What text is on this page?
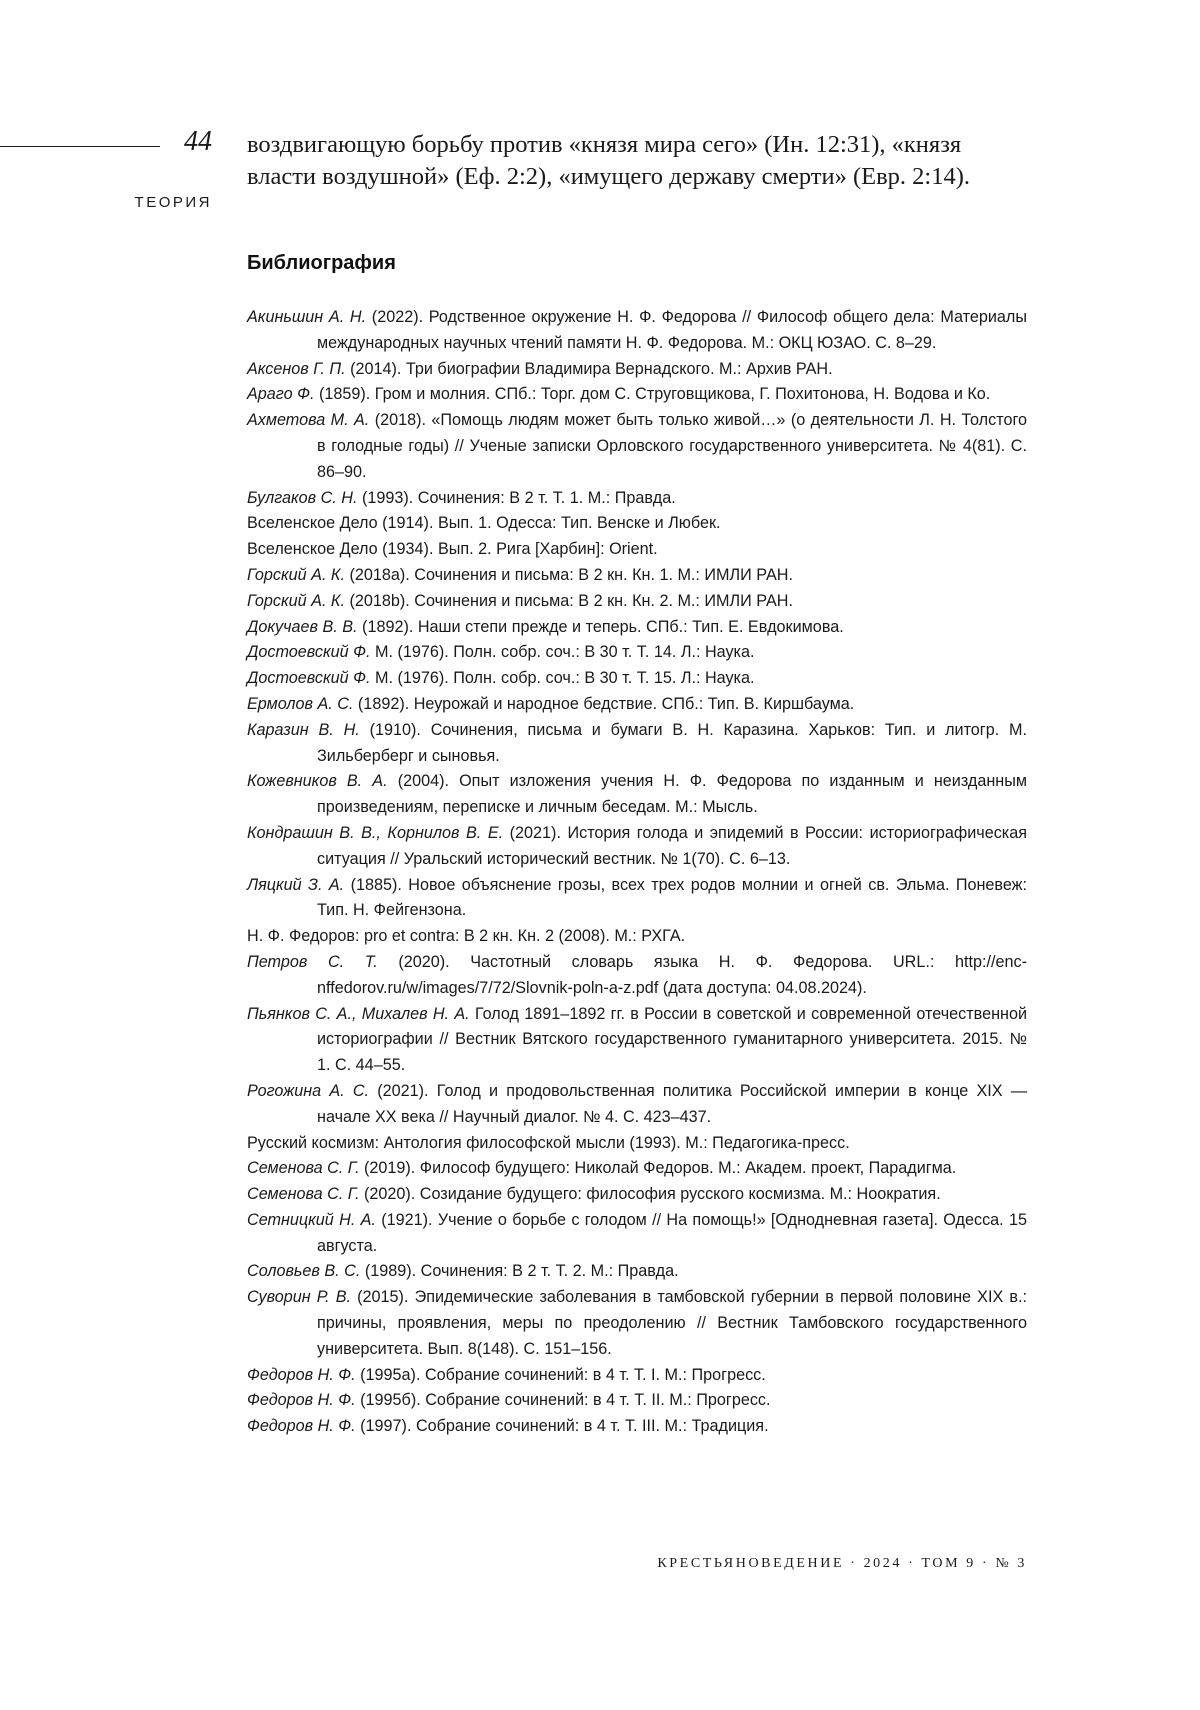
44
ТЕОРИЯ
воздвигающую борьбу против «князя мира сего» (Ин. 12:31), «князя
власти воздушной» (Еф. 2:2), «имущего державу смерти» (Евр. 2:14).
Библиография
Акиньшин А. Н. (2022). Родственное окружение Н. Ф. Федорова // Философ общего дела: Материалы международных научных чтений памяти Н. Ф. Федорова. М.: ОКЦ ЮЗАО. С. 8–29.
Аксенов Г. П. (2014). Три биографии Владимира Вернадского. М.: Архив РАН.
Араго Ф. (1859). Гром и молния. СПб.: Торг. дом С. Струговщикова, Г. Похитонова, Н. Водова и Ко.
Ахметова М. А. (2018). «Помощь людям может быть только живой…» (о деятельности Л. Н. Толстого в голодные годы) // Ученые записки Орловского государственного университета. № 4(81). С. 86–90.
Булгаков С. Н. (1993). Сочинения: В 2 т. Т. 1. М.: Правда.
Вселенское Дело (1914). Вып. 1. Одесса: Тип. Венске и Любек.
Вселенское Дело (1934). Вып. 2. Рига [Харбин]: Orient.
Горский А. К. (2018a). Сочинения и письма: В 2 кн. Кн. 1. М.: ИМЛИ РАН.
Горский А. К. (2018b). Сочинения и письма: В 2 кн. Кн. 2. М.: ИМЛИ РАН.
Докучаев В. В. (1892). Наши степи прежде и теперь. СПб.: Тип. Е. Евдокимова.
Достоевский Ф. М. (1976). Полн. собр. соч.: В 30 т. Т. 14. Л.: Наука.
Достоевский Ф. М. (1976). Полн. собр. соч.: В 30 т. Т. 15. Л.: Наука.
Ермолов А. С. (1892). Неурожай и народное бедствие. СПб.: Тип. В. Киршбаума.
Каразин В. Н. (1910). Сочинения, письма и бумаги В. Н. Каразина. Харьков: Тип. и литогр. М. Зильберберг и сыновья.
Кожевников В. А. (2004). Опыт изложения учения Н. Ф. Федорова по изданным и неизданным произведениям, переписке и личным беседам. М.: Мысль.
Кондрашин В. В., Корнилов В. Е. (2021). История голода и эпидемий в России: историографическая ситуация // Уральский исторический вестник. № 1(70). С. 6–13.
Ляцкий З. А. (1885). Новое объяснение грозы, всех трех родов молнии и огней св. Эльма. Поневеж: Тип. Н. Фейгензона.
Н. Ф. Федоров: pro et contra: В 2 кн. Кн. 2 (2008). М.: РХГА.
Петров С. Т. (2020). Частотный словарь языка Н. Ф. Федорова. URL.: http://enc-nffedorov.ru/w/images/7/72/Slovnik-poln-a-z.pdf (дата доступа: 04.08.2024).
Пьянков С. А., Михалев Н. А. Голод 1891–1892 гг. в России в советской и современной отечественной историографии // Вестник Вятского государственного гуманитарного университета. 2015. № 1. С. 44–55.
Рогожина А. С. (2021). Голод и продовольственная политика Российской империи в конце XIX — начале XX века // Научный диалог. № 4. С. 423–437.
Русский космизм: Антология философской мысли (1993). М.: Педагогика-пресс.
Семенова С. Г. (2019). Философ будущего: Николай Федоров. М.: Академ. проект, Парадигма.
Семенова С. Г. (2020). Созидание будущего: философия русского космизма. М.: Ноократия.
Сетницкий Н. А. (1921). Учение о борьбе с голодом // На помощь!» [Однодневная газета]. Одесса. 15 августа.
Соловьев В. С. (1989). Сочинения: В 2 т. Т. 2. М.: Правда.
Суворин Р. В. (2015). Эпидемические заболевания в тамбовской губернии в первой половине XIX в.: причины, проявления, меры по преодолению // Вестник Тамбовского государственного университета. Вып. 8(148). С. 151–156.
Федоров Н. Ф. (1995a). Собрание сочинений: в 4 т. Т. I. М.: Прогресс.
Федоров Н. Ф. (1995б). Собрание сочинений: в 4 т. Т. II. М.: Прогресс.
Федоров Н. Ф. (1997). Собрание сочинений: в 4 т. Т. III. М.: Традиция.
КРЕСТЬЯНОВЕДЕНИЕ · 2024 · ТОМ 9 · № 3
